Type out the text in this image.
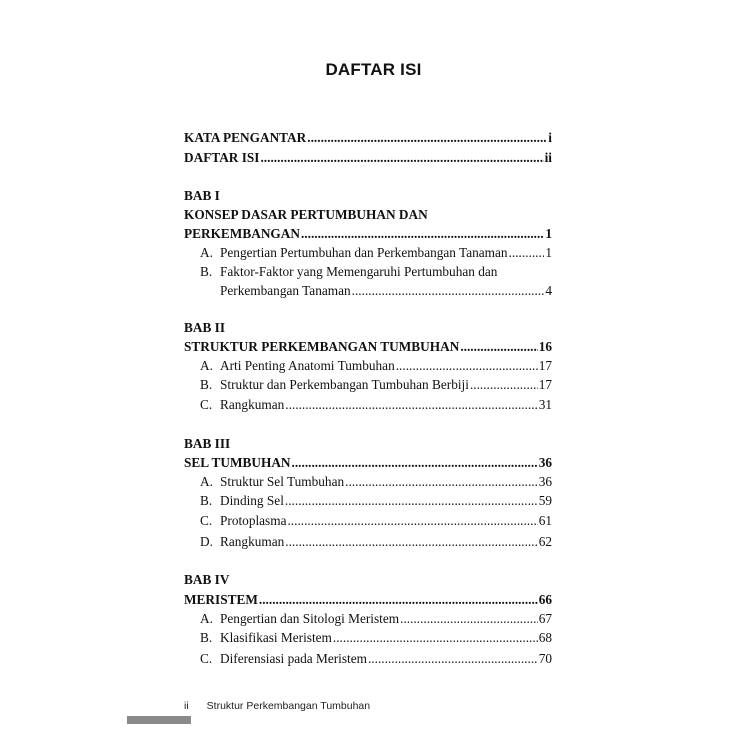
DAFTAR ISI
KATA PENGANTAR .....	i
DAFTAR ISI .....	ii
BAB I
KONSEP DASAR PERTUMBUHAN DAN
PERKEMBANGAN .....	1
A. Pengertian Pertumbuhan dan Perkembangan Tanaman .....	1
B. Faktor-Faktor yang Memengaruhi Pertumbuhan dan
Perkembangan Tanaman .....	4
BAB II
STRUKTUR PERKEMBANGAN TUMBUHAN .....	16
A. Arti Penting Anatomi Tumbuhan .....	17
B. Struktur dan Perkembangan Tumbuhan Berbiji .....	17
C. Rangkuman .....	31
BAB III
SEL TUMBUHAN .....	36
A. Struktur Sel Tumbuhan .....	36
B. Dinding Sel .....	59
C. Protoplasma .....	61
D. Rangkuman .....	62
BAB IV
MERISTEM .....	66
A. Pengertian dan Sitologi Meristem .....	67
B. Klasifikasi Meristem .....	68
C. Diferensiasi pada Meristem .....	70
ii Struktur Perkembangan Tumbuhan
